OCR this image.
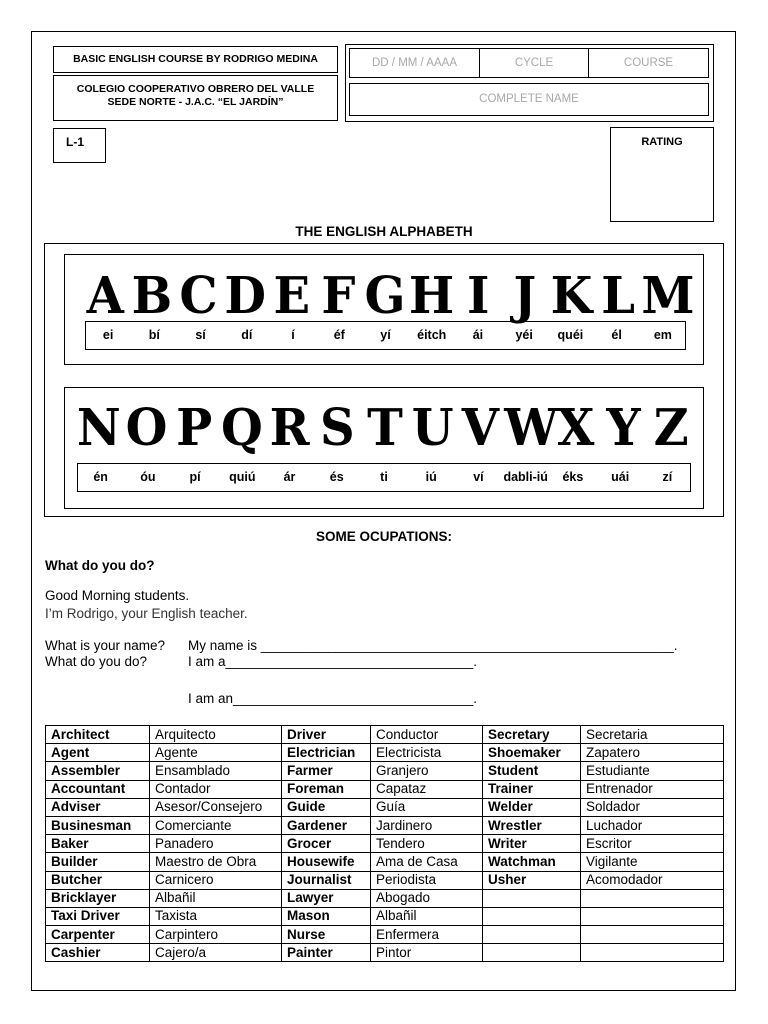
BASIC ENGLISH COURSE BY RODRIGO MEDINA
COLEGIO COOPERATIVO OBRERO DEL VALLE
SEDE NORTE - J.A.C. “EL JARDÍN”
DD / MM / AAAA	CYCLE	COURSE
COMPLETE NAME
L-1	RATING
THE ENGLISH ALPHABETH
A B C D E F G H I J K L M
ei	bí	sí	dí	í	éf	yí	éitch	ái	yéi	quéi	él	em
N O P Q R S T U V W X Y Z
én	óu	pí	quiú	ár	és	ti	iú	ví	dabli-iú	éks	uái	zí
SOME OCUPATIONS:
What do you do?
Good Morning students.
I’m Rodrigo, your English teacher.
What is your name? My name is _______________________________________________________.
What do you do?	I am a_________________________________.
I am an________________________________.
Architect	Arquitecto	Driver	Conductor	Secretary	Secretaria
Agent	Agente	Electrician	Electricista	Shoemaker	Zapatero
Assembler	Ensamblado	Farmer	Granjero	Student	Estudiante
Accountant	Contador	Foreman	Capataz	Trainer	Entrenador
Adviser	Asesor/Consejero	Guide	Guía	Welder	Soldador
Businesman	Comerciante	Gardener	Jardinero	Wrestler	Luchador
Baker	Panadero	Grocer	Tendero	Writer	Escritor
Builder	Maestro de Obra	Housewife	Ama de Casa	Watchman	Vigilante
Butcher	Carnicero	Journalist	Periodista	Usher	Acomodador
Bricklayer	Albañil	Lawyer	Abogado		
Taxi Driver	Taxista	Mason	Albañil		
Carpenter	Carpintero	Nurse	Enfermera		
Cashier	Cajero/a	Painter	Pintor		
